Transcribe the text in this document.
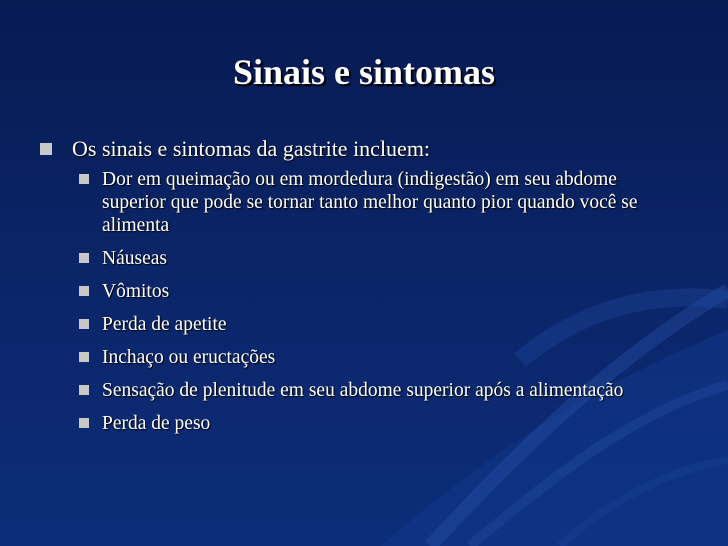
Sinais e sintomas
Os sinais e sintomas da gastrite incluem:
Dor em queimação ou em mordedura (indigestão) em seu abdome superior que pode se tornar tanto melhor quanto pior quando você se alimenta
Náuseas
Vômitos
Perda de apetite
Inchaço ou eructações
Sensação de plenitude em seu abdome superior após a alimentação
Perda de peso
